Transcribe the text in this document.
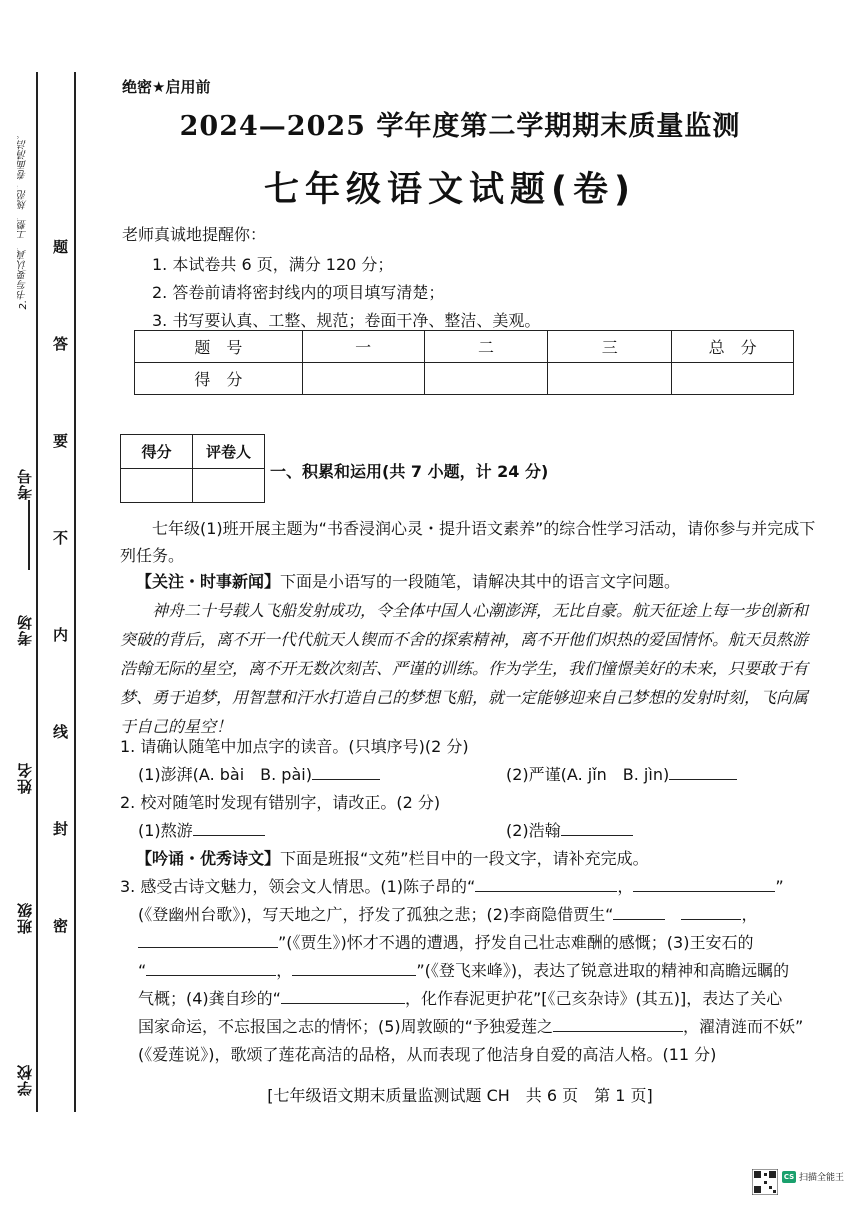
2.书写要认真、工整、规范，卷面清洁。
考号
考场
姓名
班级
学校
题
答
要
不
内
线
封
密
绝密★启用前
2024—2025 学年度第二学期期末质量监测
七年级语文试题(卷)
老师真诚地提醒你：
1. 本试卷共 6 页，满分 120 分；
2. 答卷前请将密封线内的项目填写清楚；
3. 书写要认真、工整、规范；卷面干净、整洁、美观。
题　号	一	二	三	总　分
得　分				
得分	评卷人

一、积累和运用(共 7 小题，计 24 分)
七年级(1)班开展主题为“书香浸润心灵・提升语文素养”的综合性学习活动，请你参与并完成下列任务。
【关注・时事新闻】下面是小语写的一段随笔，请解决其中的语言文字问题。
神舟二十号载人飞船发射成功，令全体中国人心潮澎湃，无比自豪。航天征途上每一步创新和突破的背后，离不开一代代航天人锲而不舍的探索精神，离不开他们炽热的爱国情怀。航天员熬游浩翰无际的星空，离不开无数次刻苦、严谨的训练。作为学生，我们憧憬美好的未来，只要敢于有梦、勇于追梦，用智慧和汗水打造自己的梦想飞船，就一定能够迎来自己梦想的发射时刻，飞向属于自己的星空！
1. 请确认随笔中加点字的读音。(只填序号)(2 分)
(1)澎湃(A. bài　B. pài)	(2)严谨(A. jǐn　B. jìn)
2. 校对随笔时发现有错别字，请改正。(2 分)
(1)熬游	(2)浩翰
【吟诵・优秀诗文】下面是班报“文苑”栏目中的一段文字，请补充完成。
3. 感受古诗文魅力，领会文人情思。(1)陈子昂的“	，	”
(《登幽州台歌》)，写天地之广，抒发了孤独之悲；(2)李商隐借贾生“　	，
”(《贾生》)怀才不遇的遭遇，抒发自己壮志难酬的感慨；(3)王安石的
“	，	”(《登飞来峰》)，表达了锐意进取的精神和高瞻远瞩的
气概；(4)龚自珍的“	，化作春泥更护花”[《己亥杂诗》(其五)]，表达了关心
国家命运，不忘报国之志的情怀；(5)周敦颐的“予独爱莲之	，濯清涟而不妖”
(《爱莲说》)，歌颂了莲花高洁的品格，从而表现了他洁身自爱的高洁人格。(11 分)
[七年级语文期末质量监测试题 CH　共 6 页　第 1 页]
CS 扫描全能王
